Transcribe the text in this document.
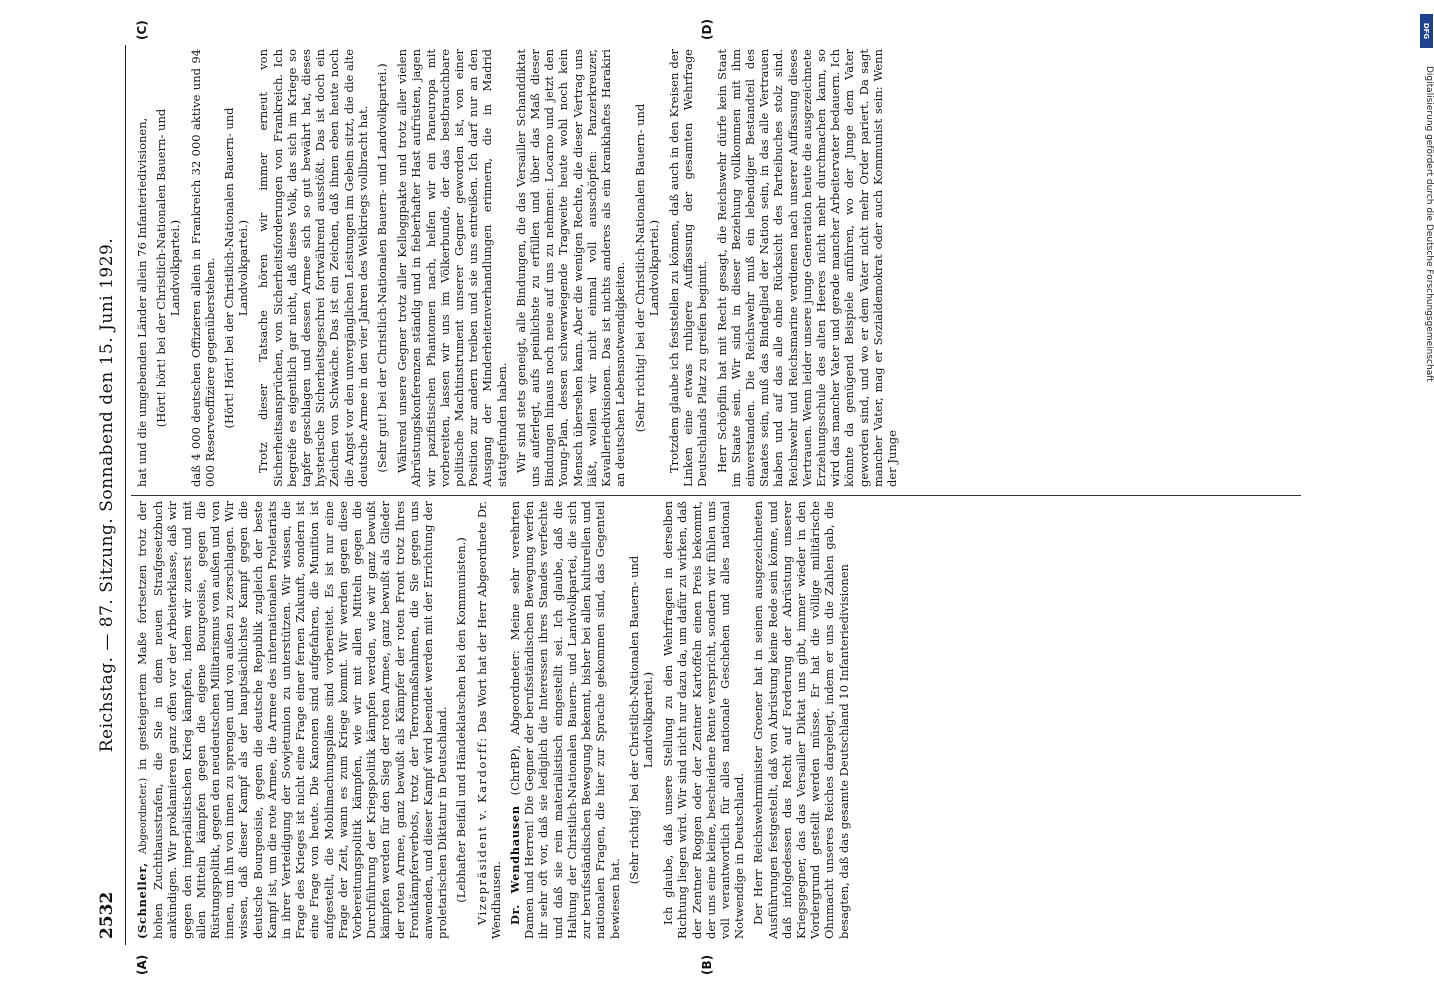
2532
Reichstag. — 87. Sitzung. Sonnabend den 15. Juni 1929.

(Schneller, Abgeordneter.) in gesteigertem Maße fortsetzen trotz der hohen Zuchthausstrafen, die Sie in dem neuen Strafgesetzbuch ankündigen. Wir proklamieren ganz offen vor der Arbeiterklasse, daß wir gegen den imperialistischen Krieg kämpfen, indem wir zuerst und mit allen Mitteln kämpfen gegen die eigene Bourgeoisie, gegen die Rüstungspolitik, gegen den neudeutschen Militarismus von außen und von innen, um ihn von innen zu sprengen und von außen zu zerschlagen. Wir wissen, daß dieser Kampf als der hauptsächlichste Kampf gegen die deutsche Bourgeoisie, gegen die deutsche Republik zugleich der beste Kampf ist, um die rote Armee, die Armee des internationalen Proletariats in ihrer Verteidigung der Sowjetunion zu unterstützen. Wir wissen, die Frage des Krieges ist nicht eine Frage einer fernen Zukunft, sondern ist eine Frage von heute. Die Kanonen sind aufgefahren, die Munition ist aufgestellt, die Mobilmachungspläne sind vorbereitet. Es ist nur eine Frage der Zeit, wann es zum Kriege kommt. Wir werden gegen diese Vorbereitungspolitik kämpfen, wie wir mit allen Mitteln gegen die Durchführung der Kriegspolitik kämpfen werden, wie wir ganz bewußt kämpfen werden für den Sieg der roten Armee, ganz bewußt als Glieder der roten Armee, ganz bewußt als Kämpfer der roten Front trotz Ihres Frontkämpferverbots, trotz der Terrormaßnahmen, die Sie gegen uns anwenden, und dieser Kampf wird beendet werden mit der Errichtung der proletarischen Diktatur in Deutschland. (Lebhafter Beifall und Händeklatschen bei den Kommunisten.) Vizepräsident v. Kardorff: Das Wort hat der Herr Abgeordnete Dr. Wendhausen. Dr. Wendhausen (ChrBP), Abgeordneter: Meine sehr verehrten Damen und Herren! Die Gegner der berufsständischen Bewegung werfen ihr sehr oft vor, daß sie lediglich die Interessen ihres Standes verfechte und daß sie rein materialistisch eingestellt sei. Ich glaube, daß die Haltung der Christlich-Nationalen Bauern- und Landvolkpartei, die sich zur berufsständischen Bewegung bekennt, bisher bei allen kulturellen und nationalen Fragen, die hier zur Sprache gekommen sind, das Gegenteil bewiesen hat.

(Sehr richtig! bei der Christlich-Nationalen Bauern- und Landvolkpartei.) Ich glaube, daß unsere Stellung zu den Wehrfragen in derselben Richtung liegen wird. Wir sind nicht nur dazu da, um dafür zu wirken, daß der Zentner Roggen oder der Zentner Kartoffeln einen Preis bekommt, der uns eine kleine, bescheidene Rente verspricht, sondern wir fühlen uns voll verantwortlich für alles nationale Geschehen und alles national Notwendige in Deutschland. Der Herr Reichswehrminister Groener hat in seinen ausgezeichneten Ausführungen festgestellt, daß von Abrüstung keine Rede sein könne, und daß infolgedessen das Recht auf Forderung der Abrüstung unserer Kriegsgegner, das das Versailler Diktat uns gibt, immer wieder in den Vordergrund gestellt werden müsse. Er hat die völlige militärische Ohnmacht unseres Reiches dargelegt, indem er uns die Zahlen gab, die besagten, daß das gesamte Deutschland 10 Infanteriedivisionen

hat und die umgebenden Länder allein 76 Infanteriedivisionen, (Hört! hört! bei der Christlich-Nationalen Bauern- und Landvolkpartei.) daß 4 000 deutschen Offizieren allein in Frankreich 32 000 aktive und 94 000 Reserveoffiziere gegenüberstehen. (Hört! Hört! bei der Christlich-Nationalen Bauern- und Landvolkpartei.) Trotz dieser Tatsache hören wir immer erneut von Sicherheitsansprüchen, von Sicherheitsforderungen von Frankreich. Ich begreife es eigentlich gar nicht, daß dieses Volk, das sich im Kriege so tapfer geschlagen und dessen Armee sich so gut bewährt hat, dieses hysterische Sicherheitsgeschrei fortwährend ausstößt. Das ist doch ein Zeichen von Schwäche. Das ist ein Zeichen, daß ihnen eben heute noch die Angst vor den unvergänglichen Leistungen im Gebein sitzt, die die alte deutsche Armee in den vier Jahren des Weltkriegs vollbracht hat. (Sehr gut! bei der Christlich-Nationalen Bauern- und Landvolkpartei.) Während unsere Gegner trotz aller Kelloggpakte und trotz aller vielen Abrüstungskonferenzen ständig und in fieberhafter Hast aufrüsten, jagen wir pazifistischen Phantomen nach, helfen wir ein Paneuropa mit vorbereiten, lassen wir uns im Völkerbunde, der das bestbrauchbare politische Machtinstrument unserer Gegner geworden ist, von einer Position zur andern treiben und sie uns entreißen. Ich darf nur an den Ausgang der Minderheitenverhandlungen erinnern, die in Madrid stattgefunden haben. Wir sind stets geneigt, alle Bindungen, die das Versailler Schanddiktat uns auferlegt, aufs peinlichste zu erfüllen und über das Maß dieser Bindungen hinaus noch neue auf uns zu nehmen: Locarno und jetzt den Young-Plan, dessen schwerwiegende Tragweite heute wohl noch kein Mensch übersehen kann. Aber die wenigen Rechte, die dieser Vertrag uns läßt, wollen wir nicht einmal voll ausschöpfen: Panzerkreuzer, Kavalleriedivisionen. Das ist nichts anderes als ein krankhaftes Harakiri an deutschen Lebensnotwendigkeiten. (Sehr richtig! bei der Christlich-Nationalen Bauern- und Landvolkpartei.) Trotzdem glaube ich feststellen zu können, daß auch in den Kreisen der Linken eine etwas ruhigere Auffassung der gesamten Wehrfrage Deutschlands Platz zu greifen beginnt. Herr Schöpflin hat mit Recht gesagt, die Reichswehr dürfe kein Staat im Staate sein. Wir sind in dieser Beziehung vollkommen mit ihm einverstanden. Die Reichswehr muß ein lebendiger Bestandteil des Staates sein, muß das Bindeglied der Nation sein, in das alle Vertrauen haben und auf das alle ohne Rücksicht des Parteibuches stolz sind. Reichswehr und Reichsmarine verdienen nach unserer Auffassung dieses Vertrauen. Wenn leider unsere junge Generation heute die ausgezeichnete Erziehungsschule des alten Heeres nicht mehr durchmachen kann, so wird das mancher Vater und gerade mancher Arbeitervater bedauern. Ich könnte da genügend Beispiele anführen, wo der Junge dem Vater geworden sind, und wo er dem Vater nicht mehr Order pariert. Da sagt mancher Vater, mag er Sozialdemokrat oder auch Kommunist sein: Wenn der Junge

(A)	(B)
(C)	(D)	DFG
Digitalisierung gefördert durch die Deutsche Forschungsgemeinschaft
